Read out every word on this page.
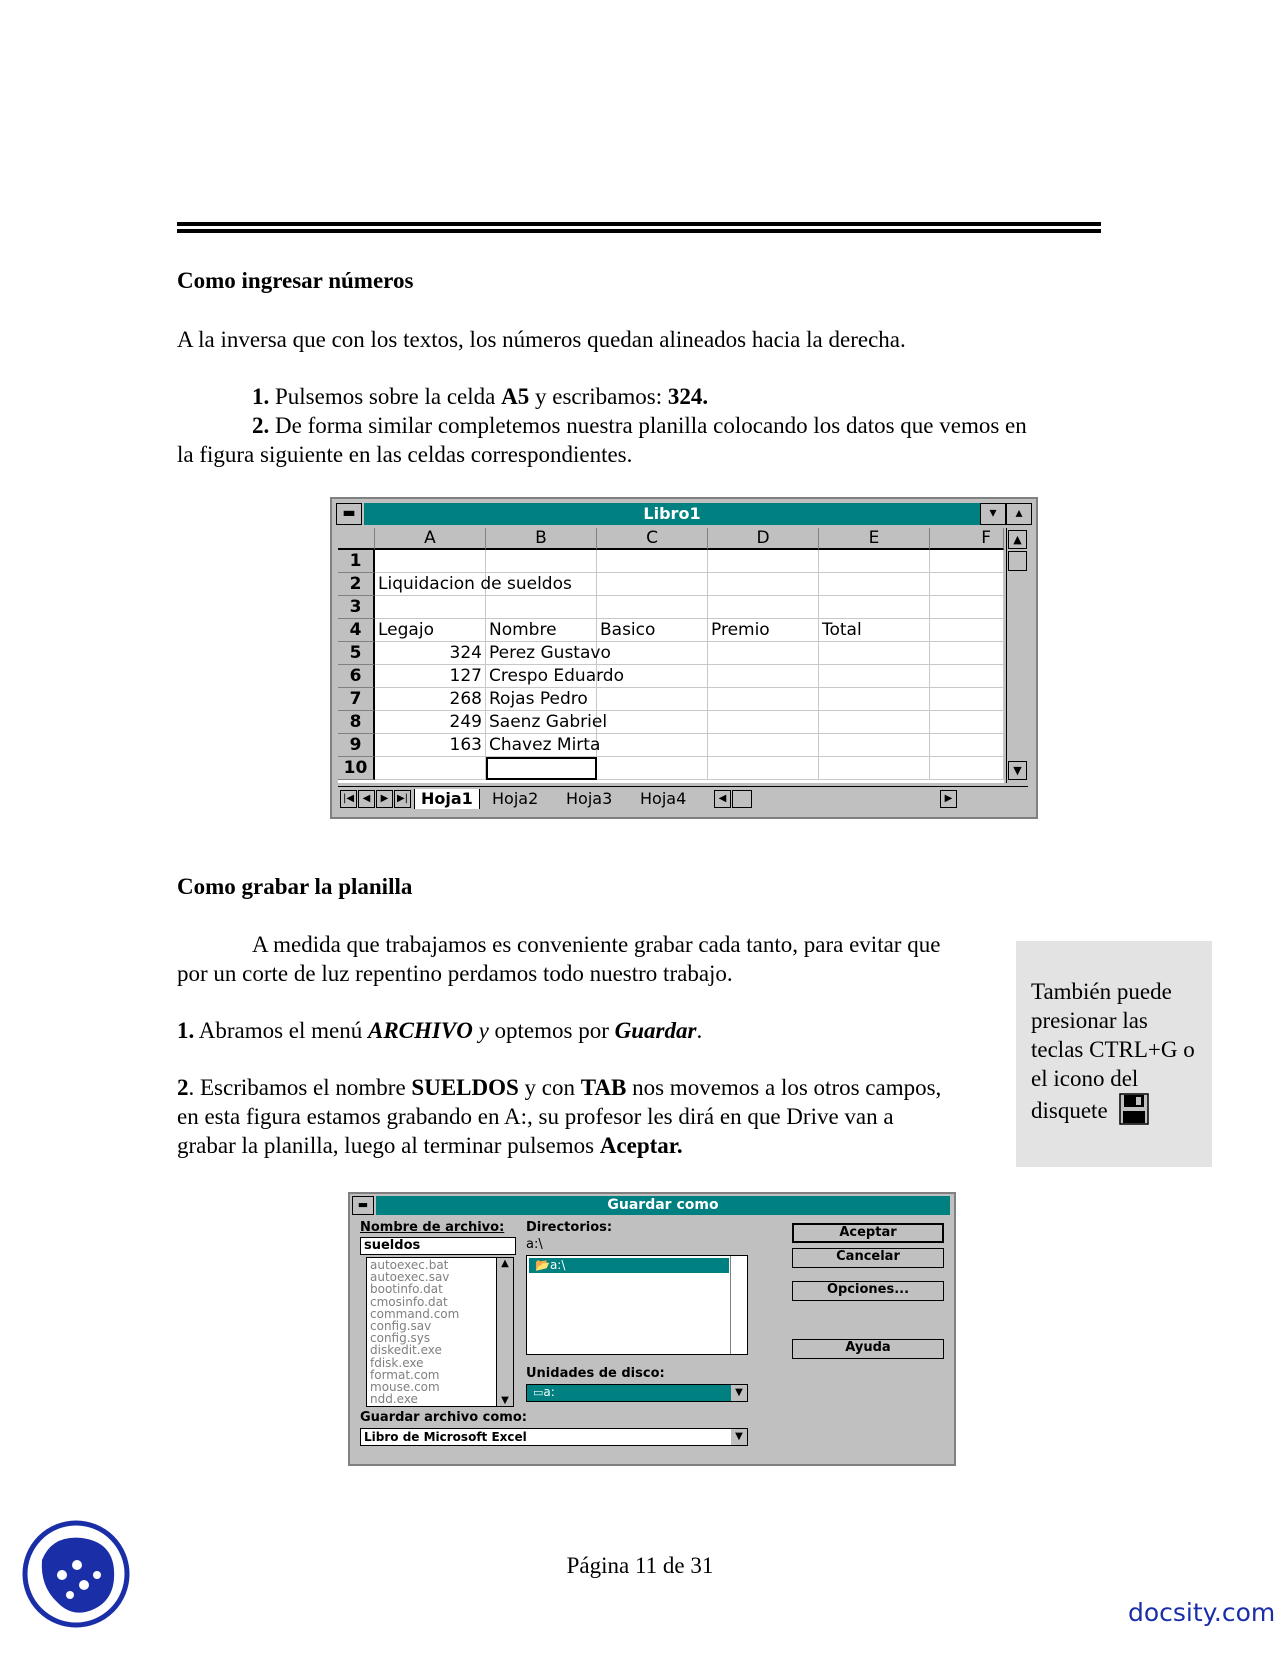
Como ingresar números
A la inversa que con los textos, los números quedan alineados hacia la derecha.
1. Pulsemos sobre la celda A5 y escribamos: 324.
2. De forma similar completemos nuestra planilla colocando los datos que vemos en
la figura siguiente en las celdas correspondientes.
▬	Libro1	▾	▴
A	B	C	D	E	F
1
2 Liquidacion de sueldos
3
4 Legajo	Nombre	Basico	Premio	Total
5	324 Perez Gustavo
6	127 Crespo Eduardo
7	268 Rojas Pedro
8	249 Saenz Gabriel
9	163 Chavez Mirta
10
▲
▼
|◀ ◀	▶ ▶| Hoja1	Hoja2	Hoja3	Hoja4	◀	▶
Como grabar la planilla
A medida que trabajamos es conveniente grabar cada tanto, para evitar que
por un corte de luz repentino perdamos todo nuestro trabajo.
1. Abramos el menú ARCHIVO y optemos por Guardar.
2. Escribamos el nombre SUELDOS y con TAB nos movemos a los otros campos,
en esta figura estamos grabando en A:, su profesor les dirá en que Drive van a
grabar la planilla, luego al terminar pulsemos Aceptar.
También puede presionar las teclas CTRL+G o el icono del disquete
▬	Guardar como
Nombre de archivo:
sueldos
autoexec.bat
autoexec.sav
bootinfo.dat
cmosinfo.dat
command.com
config.sav
config.sys
diskedit.exe
fdisk.exe
format.com
mouse.com
ndd.exe
▲
▼
Directorios:
a:\
📂a:\
Unidades de disco:
▭a:	▼
Guardar archivo como:
Libro de Microsoft Excel	▼
Aceptar
Cancelar
Opciones...
Ayuda
Página 11 de 31
docsity.com
